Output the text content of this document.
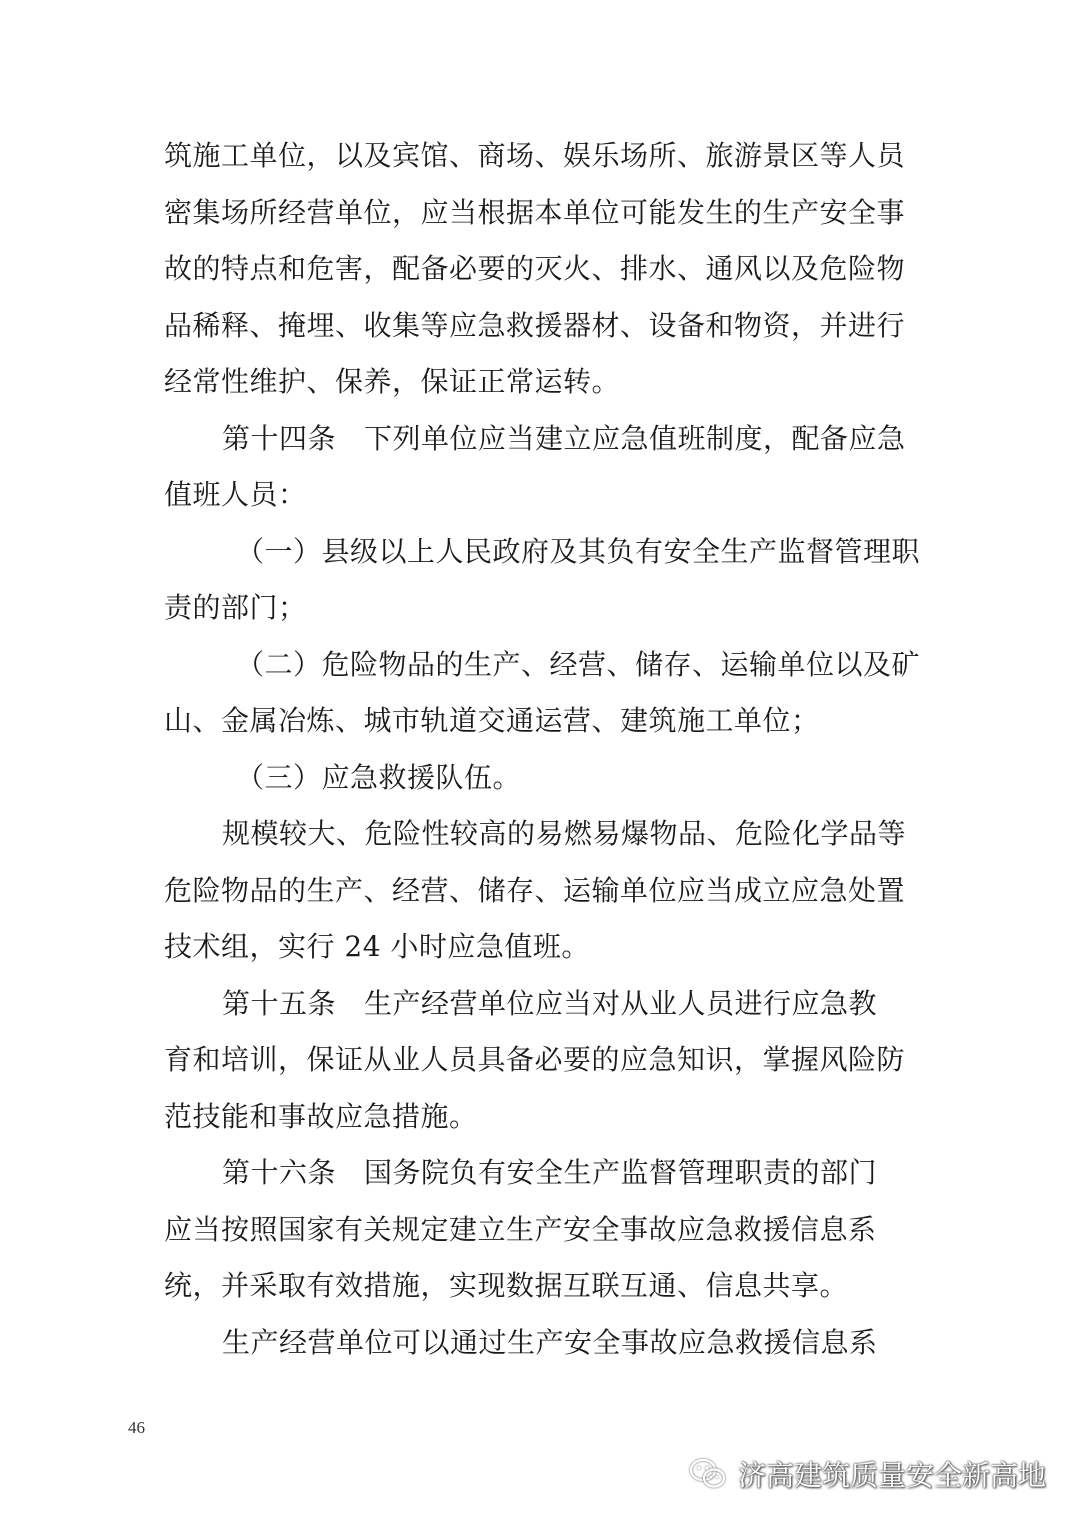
筑施工单位，以及宾馆、商场、娱乐场所、旅游景区等人员
密集场所经营单位，应当根据本单位可能发生的生产安全事
故的特点和危害，配备必要的灭火、排水、通风以及危险物
品稀释、掩埋、收集等应急救援器材、设备和物资，并进行
经常性维护、保养，保证正常运转。
第十四条 下列单位应当建立应急值班制度，配备应急
值班人员：
（一）县级以上人民政府及其负有安全生产监督管理职
责的部门；
（二）危险物品的生产、经营、储存、运输单位以及矿
山、金属冶炼、城市轨道交通运营、建筑施工单位；
（三）应急救援队伍。
规模较大、危险性较高的易燃易爆物品、危险化学品等
危险物品的生产、经营、储存、运输单位应当成立应急处置
技术组，实行 24 小时应急值班。
第十五条 生产经营单位应当对从业人员进行应急教
育和培训，保证从业人员具备必要的应急知识，掌握风险防
范技能和事故应急措施。
第十六条 国务院负有安全生产监督管理职责的部门
应当按照国家有关规定建立生产安全事故应急救援信息系
统，并采取有效措施，实现数据互联互通、信息共享。
生产经营单位可以通过生产安全事故应急救援信息系
46
济高建筑质量安全新高地
